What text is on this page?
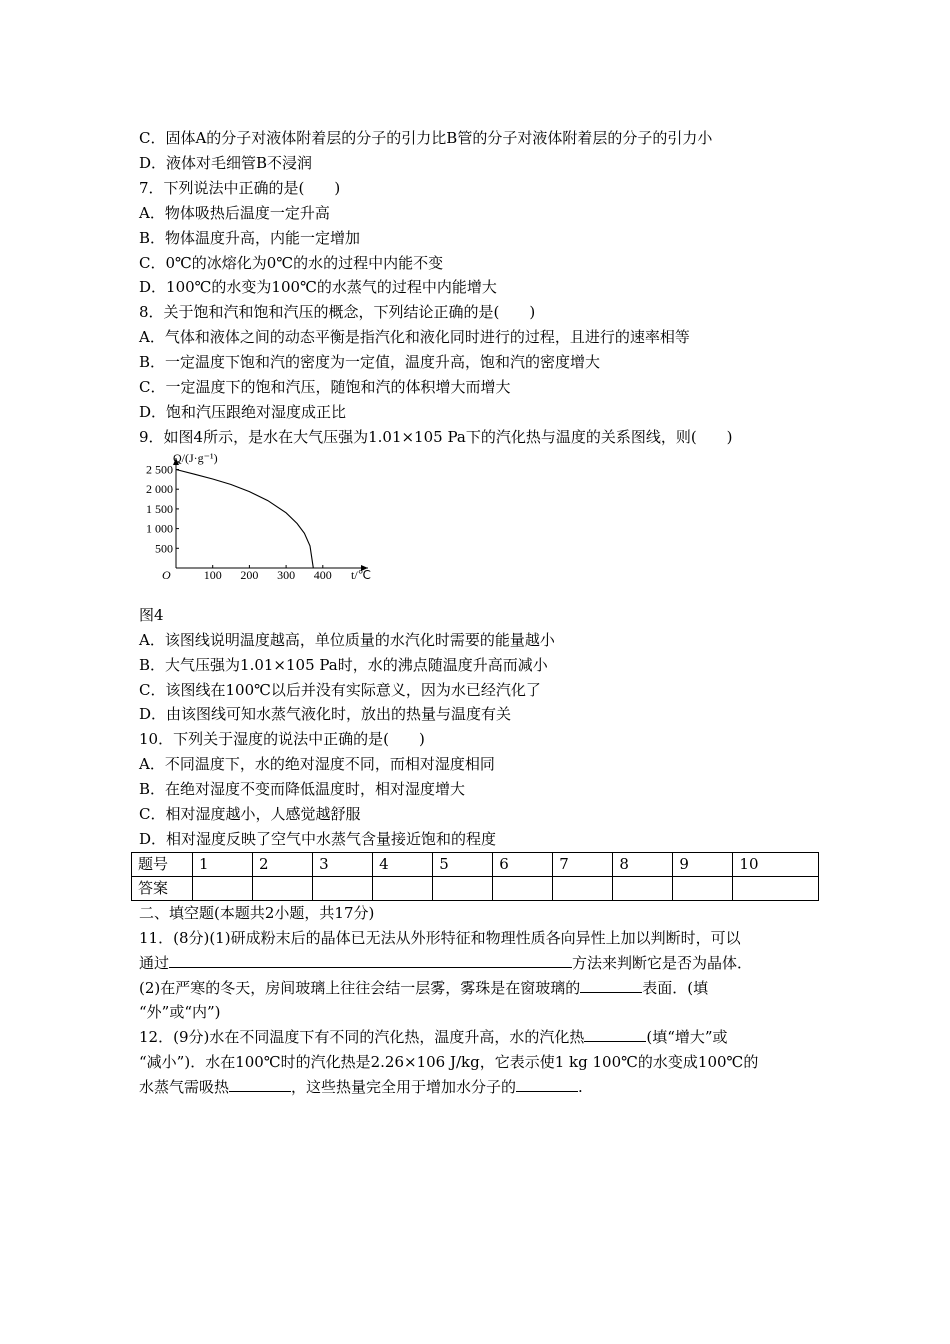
C．固体A的分子对液体附着层的分子的引力比B管的分子对液体附着层的分子的引力小
D．液体对毛细管B不浸润
7．下列说法中正确的是(　　)
A．物体吸热后温度一定升高
B．物体温度升高，内能一定增加
C．0℃的冰熔化为0℃的水的过程中内能不变
D．100℃的水变为100℃的水蒸气的过程中内能增大
8．关于饱和汽和饱和汽压的概念，下列结论正确的是(　　)
A．气体和液体之间的动态平衡是指汽化和液化同时进行的过程，且进行的速率相等
B．一定温度下饱和汽的密度为一定值，温度升高，饱和汽的密度增大
C．一定温度下的饱和汽压，随饱和汽的体积增大而增大
D．饱和汽压跟绝对湿度成正比
9．如图4所示，是水在大气压强为1.01×105 Pa下的汽化热与温度的关系图线，则(　　)
100 200 300 400
500
1 000
1 500
2 000
2 500
Q/(J·g⁻¹)
t/℃
O
图4
A．该图线说明温度越高，单位质量的水汽化时需要的能量越小
B．大气压强为1.01×105 Pa时，水的沸点随温度升高而减小
C．该图线在100℃以后并没有实际意义，因为水已经汽化了
D．由该图线可知水蒸气液化时，放出的热量与温度有关
10．下列关于湿度的说法中正确的是(　　)
A．不同温度下，水的绝对湿度不同，而相对湿度相同
B．在绝对湿度不变而降低温度时，相对湿度增大
C．相对湿度越小，人感觉越舒服
D．相对湿度反映了空气中水蒸气含量接近饱和的程度
题号	1	2	3	4	5	6	7	8	9	10
答案										
二、填空题(本题共2小题，共17分)
11．(8分)(1)研成粉末后的晶体已无法从外形特征和物理性质各向异性上加以判断时，可以
通过	方法来判断它是否为晶体．
(2)在严寒的冬天，房间玻璃上往往会结一层雾，雾珠是在窗玻璃的	表面．(填
“外”或“内”)
12．(9分)水在不同温度下有不同的汽化热，温度升高，水的汽化热	(填“增大”或
“减小”)．水在100℃时的汽化热是2.26×106 J/kg，它表示使1 kg 100℃的水变成100℃的
水蒸气需吸热	，这些热量完全用于增加水分子的	.
